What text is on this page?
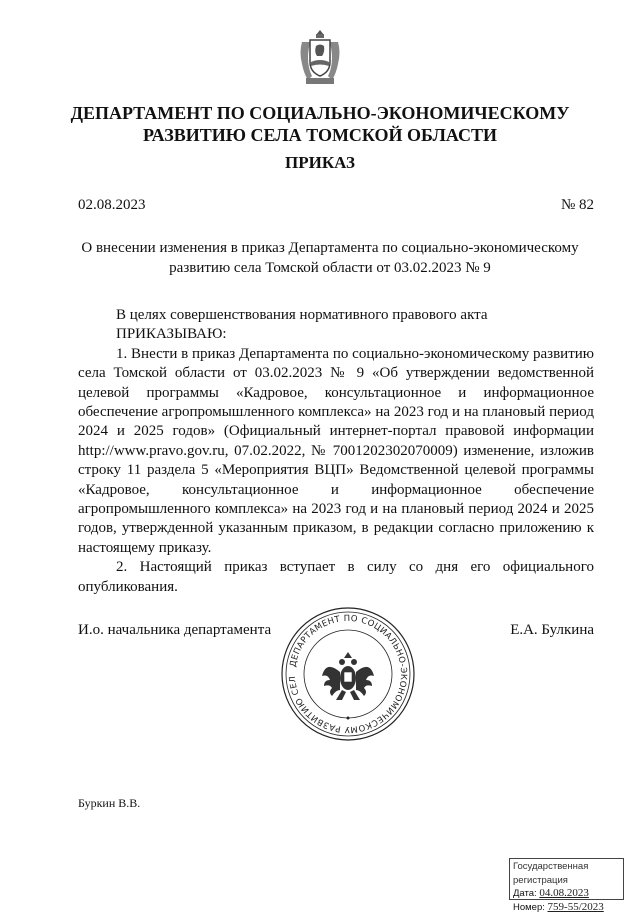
ДЕПАРТАМЕНТ ПО СОЦИАЛЬНО-ЭКОНОМИЧЕСКОМУ
РАЗВИТИЮ СЕЛА ТОМСКОЙ ОБЛАСТИ
ПРИКАЗ
02.08.2023	№ 82
О внесении изменения в приказ Департамента по социально-экономическому
развитию села Томской области от 03.02.2023 № 9

В целях совершенствования нормативного правового акта

ПРИКАЗЫВАЮ:

1. Внести в приказ Департамента по социально-экономическому развитию села Томской области от 03.02.2023 № 9 «Об утверждении ведомственной целевой программы «Кадровое, консультационное и информационное обеспечение агропромышленного комплекса» на 2023 год и на плановый период 2024 и 2025 годов» (Официальный интернет-портал правовой информации http://www.pravo.gov.ru, 07.02.2022, № 7001202302070009) изменение, изложив строку 11 раздела 5 «Мероприятия ВЦП» Ведомственной целевой программы «Кадровое, консультационное и информационное обеспечение агропромышленного комплекса» на 2023 год и на плановый период 2024 и 2025 годов, утвержденной указанным приказом, в редакции согласно приложению к настоящему приказу.

2. Настоящий приказ вступает в силу со дня его официального опубликования.

И.о. начальника департамента	Е.А. Булкина
ДЕПАРТАМЕНТ ПО СОЦИАЛЬНО-ЭКОНОМИЧЕСКОМУ РАЗВИТИЮ СЕЛ
Буркин В.В.
Государственная регистрация
Дата: 04.08.2023
Номер: 759-55/2023
